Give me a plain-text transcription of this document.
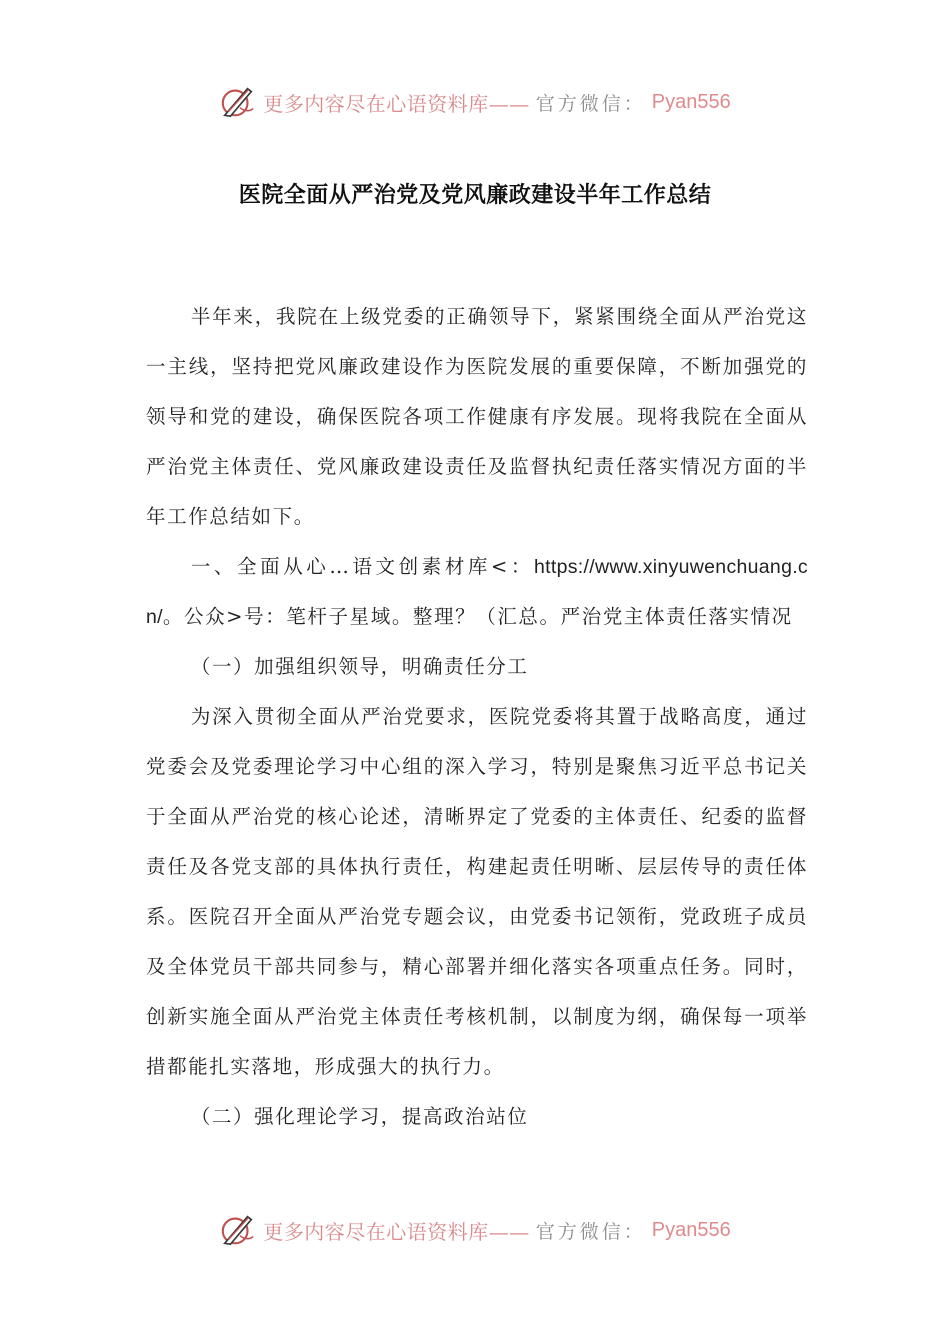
更多内容尽在心语资料库—— 官方微信： Pyan556
医院全面从严治党及党风廉政建设半年工作总结

半年来，我院在上级党委的正确领导下，紧紧围绕全面从严治党这一主线，坚持把党风廉政建设作为医院发展的重要保障，不断加强党的领导和党的建设，确保医院各项工作健康有序发展。现将我院在全面从严治党主体责任、党风廉政建设责任及监督执纪责任落实情况方面的半年工作总结如下。

一、全面从心…语文创素材库<：https://www.xinyuwenchuang.cn/。公众>号：笔杆子星域。整理？（汇总。严治党主体责任落实情况

（一）加强组织领导，明确责任分工

为深入贯彻全面从严治党要求，医院党委将其置于战略高度，通过党委会及党委理论学习中心组的深入学习，特别是聚焦习近平总书记关于全面从严治党的核心论述，清晰界定了党委的主体责任、纪委的监督责任及各党支部的具体执行责任，构建起责任明晰、层层传导的责任体系。医院召开全面从严治党专题会议，由党委书记领衔，党政班子成员及全体党员干部共同参与，精心部署并细化落实各项重点任务。同时，创新实施全面从严治党主体责任考核机制，以制度为纲，确保每一项举措都能扎实落地，形成强大的执行力。

（二）强化理论学习，提高政治站位

更多内容尽在心语资料库—— 官方微信： Pyan556
